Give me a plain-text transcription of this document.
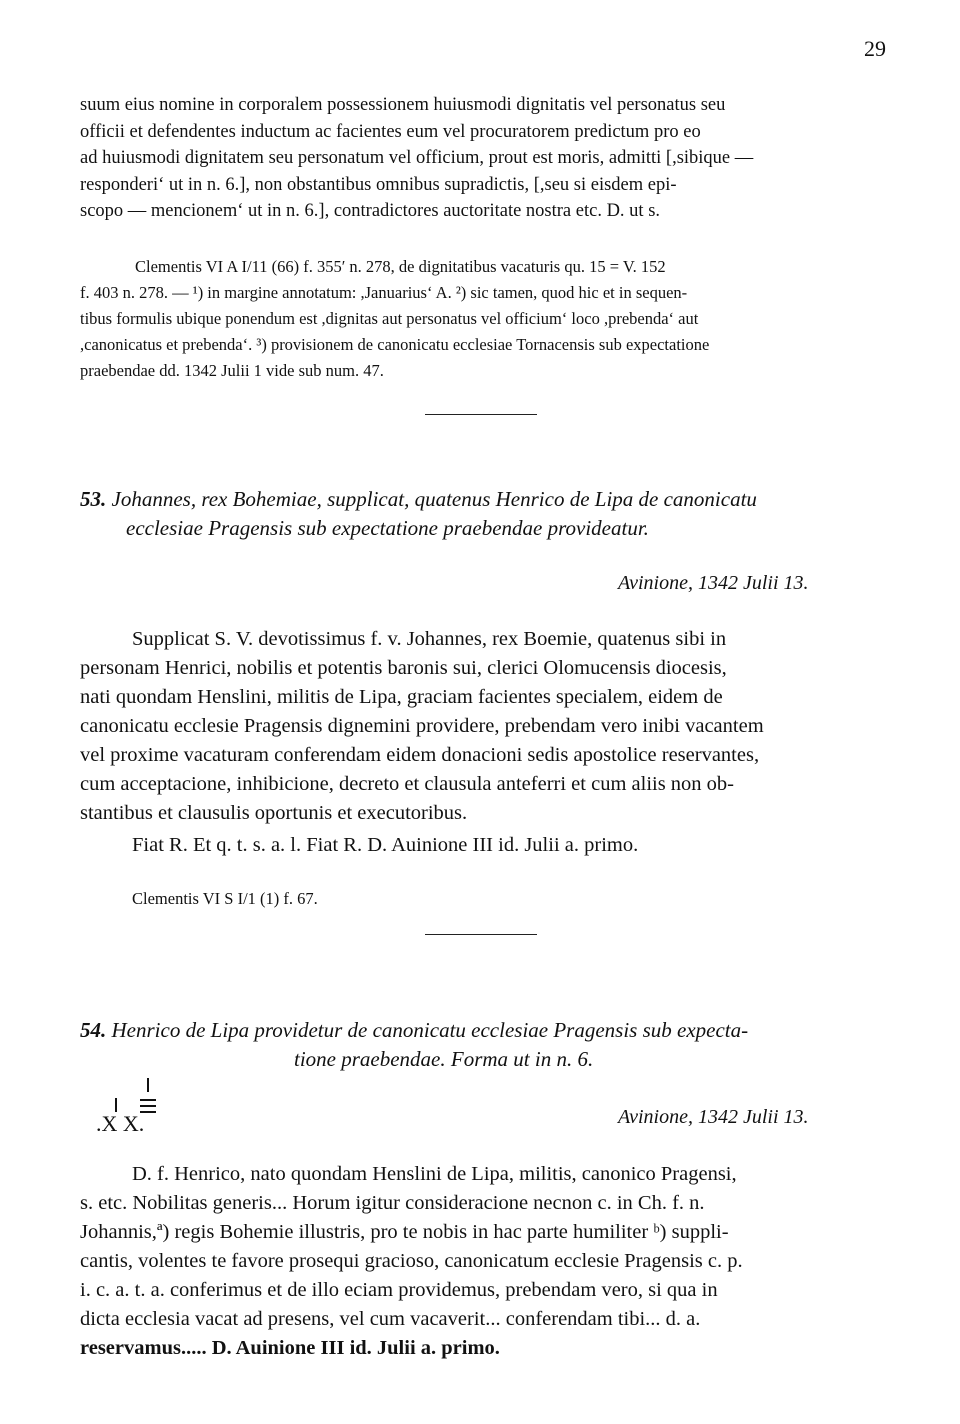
29

suum eius nomine in corporalem possessionem huiusmodi dignitatis vel personatus seu

officii et defendentes inductum ac facientes eum vel procuratorem predictum pro eo

ad huiusmodi dignitatem seu personatum vel officium, prout est moris, admitti [,sibique —

responderi‘ ut in n. 6.], non obstantibus omnibus supradictis, [,seu si eisdem epi-

scopo — mencionem‘ ut in n. 6.], contradictores auctoritate nostra etc. D. ut s.

Clementis VI A I/11 (66) f. 355′ n. 278, de dignitatibus vacaturis qu. 15 = V. 152

f. 403 n. 278. — ¹) in margine annotatum: ,Januarius‘ A. ²) sic tamen, quod hic et in sequen-

tibus formulis ubique ponendum est ,dignitas aut personatus vel officium‘ loco ,prebenda‘ aut

,canonicatus et prebenda‘. ³) provisionem de canonicatu ecclesiae Tornacensis sub expectatione

praebendae dd. 1342 Julii 1 vide sub num. 47.

53. Johannes, rex Bohemiae, supplicat, quatenus Henrico de Lipa de canonicatu
ecclesiae Pragensis sub expectatione praebendae provideatur.
Avinione, 1342 Julii 13.

Supplicat S. V. devotissimus f. v. Johannes, rex Boemie, quatenus sibi in

personam Henrici, nobilis et potentis baronis sui, clerici Olomucensis diocesis,

nati quondam Henslini, militis de Lipa, graciam facientes specialem, eidem de

canonicatu ecclesie Pragensis dignemini providere, prebendam vero inibi vacantem

vel proxime vacaturam conferendam eidem donacioni sedis apostolice reservantes,

cum acceptacione, inhibicione, decreto et clausula anteferri et cum aliis non ob-

stantibus et clausulis oportunis et executoribus.

Fiat R. Et q. t. s. a. l. Fiat R. D. Auinione III id. Julii a. primo.
Clementis VI S I/1 (1) f. 67.
54. Henrico de Lipa providetur de canonicatu ecclesiae Pragensis sub expecta-
tione praebendae. Forma ut in n. 6.
.X X.	Avinione, 1342 Julii 13.

D. f. Henrico, nato quondam Henslini de Lipa, militis, canonico Pragensi,

s. etc. Nobilitas generis... Horum igitur consideracione necnon c. in Ch. f. n.

Johannis,ª) regis Bohemie illustris, pro te nobis in hac parte humiliter ᵇ) suppli-

cantis, volentes te favore prosequi gracioso, canonicatum ecclesie Pragensis c. p.

i. c. a. t. a. conferimus et de illo eciam providemus, prebendam vero, si qua in

dicta ecclesia vacat ad presens, vel cum vacaverit... conferendam tibi... d. a.

reservamus..... D. Auinione III id. Julii a. primo.
